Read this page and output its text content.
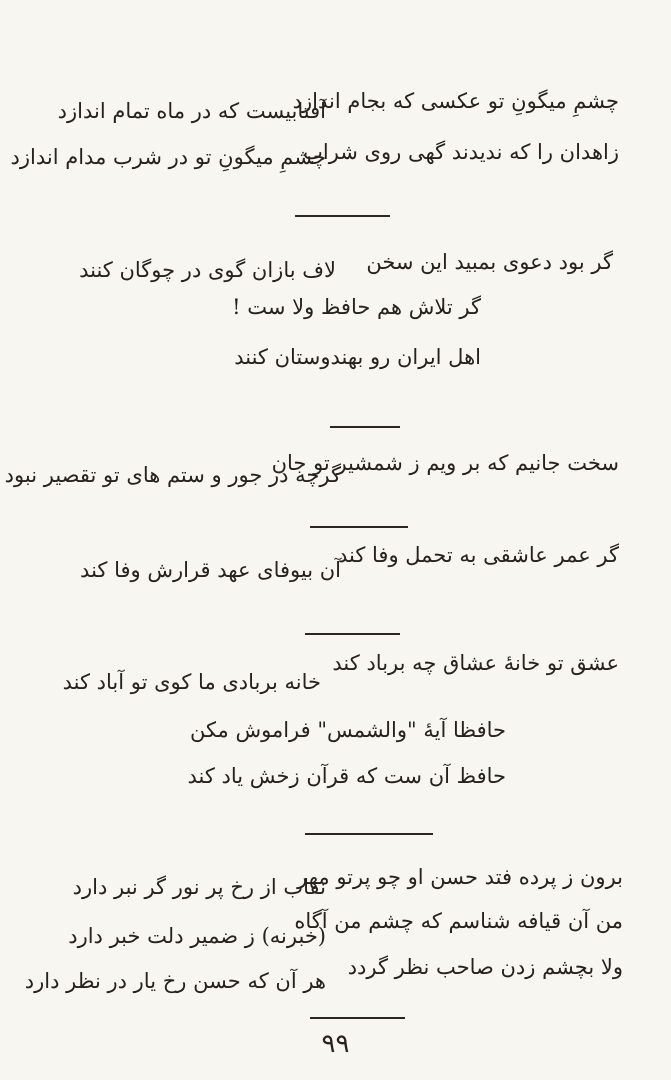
چشمِ میگونِ تو عکسی که بجام اندازد
آفتابیست که در ماه تمام اندازد
زاهدان را که ندیدند گهی روی شراب
چشمِ میگونِ تو در شرب مدام اندازد
گر بود دعوی بمبید این سخن
لاف بازان گوی در چوگان کنند
گر تلاش هم حافظ ولا ست !
اهل ایران رو بهندوستان کنند
سخت جانیم که بر ویم ز شمشیر تو جان
گرچه در جور و ستم های تو تقصیر نبود
گر عمر عاشقی به تحمل وفا کند
آن بیوفای عهد قرارش وفا کند
عشق تو خانهٔ عشاق چه برباد کند
خانه بربادی ما کوی تو آباد کند
حافظا آیهٔ "والشمس" فراموش مکن
حافظ آن ست که قرآن زخش یاد کند
برون ز پرده فتد حسن او چو پرتو مهر
نقاب از رخ پر نور گر نبر دارد
من آن قیافه شناسم که چشم من آگاه
(خبرنه) ز ضمیر دلت خبر دارد
ولا بچشم زدن صاحب نظر گردد
هر آن که حسن رخ یار در نظر دارد
۹۹
